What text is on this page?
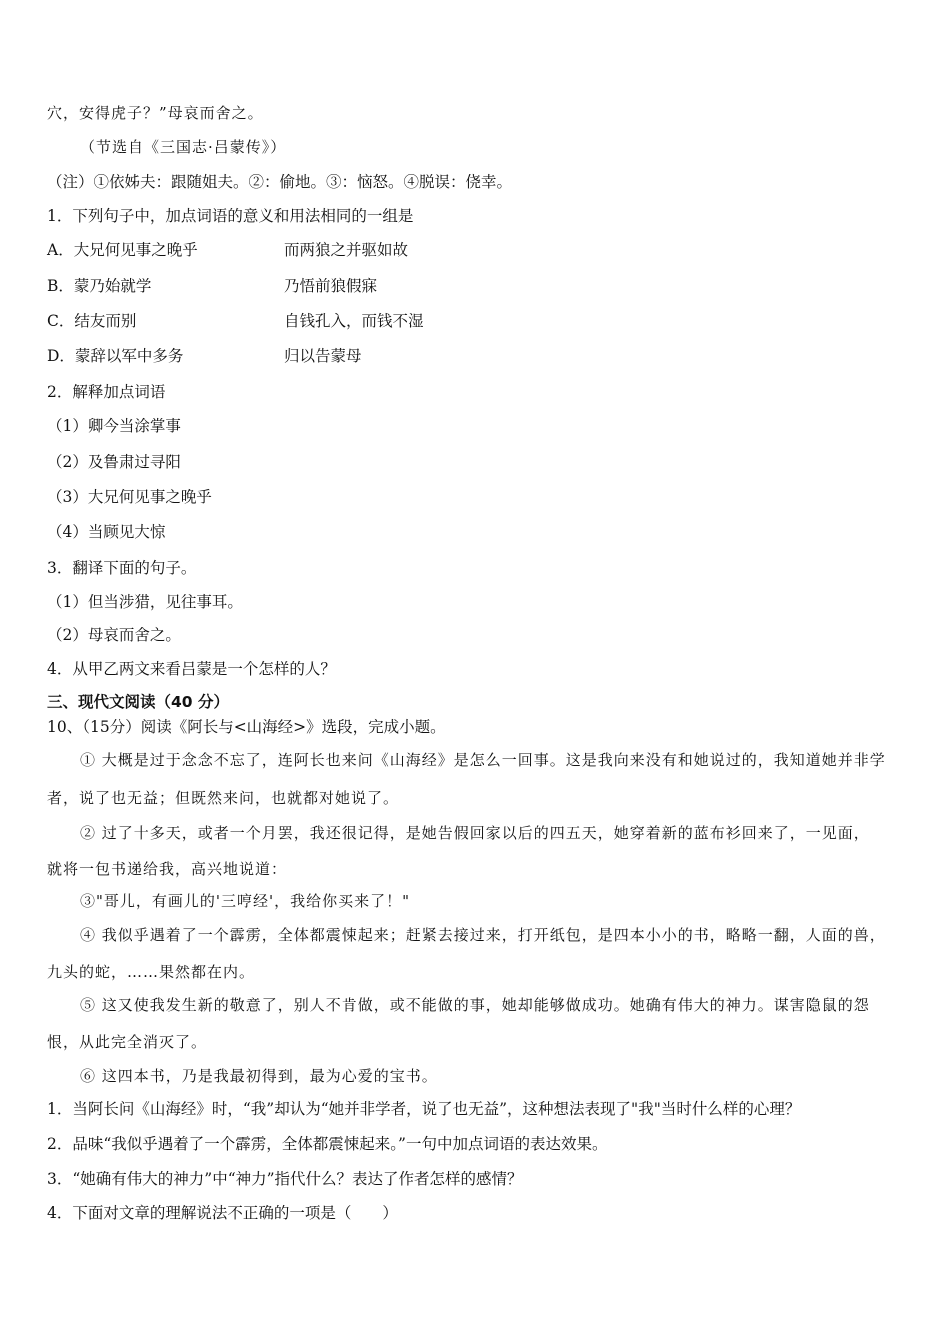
穴，安得虎子？”母哀而舍之。
（节选自《三国志·吕蒙传》）
（注）①依姊夫：跟随姐夫。②：偷地。③：恼怒。④脱误：侥幸。
1．下列句子中，加点词语的意义和用法相同的一组是
A．大兄何见事之晚乎	而两狼之并驱如故
B．蒙乃始就学	乃悟前狼假寐
C．结友而别	自钱孔入，而钱不湿
D．蒙辞以军中多务	归以告蒙母
2．解释加点词语
（1）卿今当涂掌事
（2）及鲁肃过寻阳
（3）大兄何见事之晚乎
（4）当顾见大惊
3．翻译下面的句子。
（1）但当涉猎，见往事耳。
（2）母哀而舍之。
4．从甲乙两文来看吕蒙是一个怎样的人？
三、现代文阅读（40 分）
10、（15分）阅读《阿长与<山海经>》选段，完成小题。
① 大概是过于念念不忘了，连阿长也来问《山海经》是怎么一回事。这是我向来没有和她说过的，我知道她并非学
者，说了也无益；但既然来问，也就都对她说了。
② 过了十多天，或者一个月罢，我还很记得，是她告假回家以后的四五天，她穿着新的蓝布衫回来了，一见面，
就将一包书递给我，高兴地说道：
③"哥儿，有画儿的'三哼经'，我给你买来了！"
④ 我似乎遇着了一个霹雳，全体都震悚起来；赶紧去接过来，打开纸包，是四本小小的书，略略一翻，人面的兽，
九头的蛇，……果然都在内。
⑤ 这又使我发生新的敬意了，别人不肯做，或不能做的事，她却能够做成功。她确有伟大的神力。谋害隐鼠的怨
恨，从此完全消灭了。
⑥ 这四本书，乃是我最初得到，最为心爱的宝书。
1．当阿长问《山海经》时，“我”却认为“她并非学者，说了也无益”，这种想法表现了"我"当时什么样的心理？
2．品味“我似乎遇着了一个霹雳，全体都震悚起来。”一句中加点词语的表达效果。
3．“她确有伟大的神力”中“神力”指代什么？表达了作者怎样的感情？
4．下面对文章的理解说法不正确的一项是（　　）
